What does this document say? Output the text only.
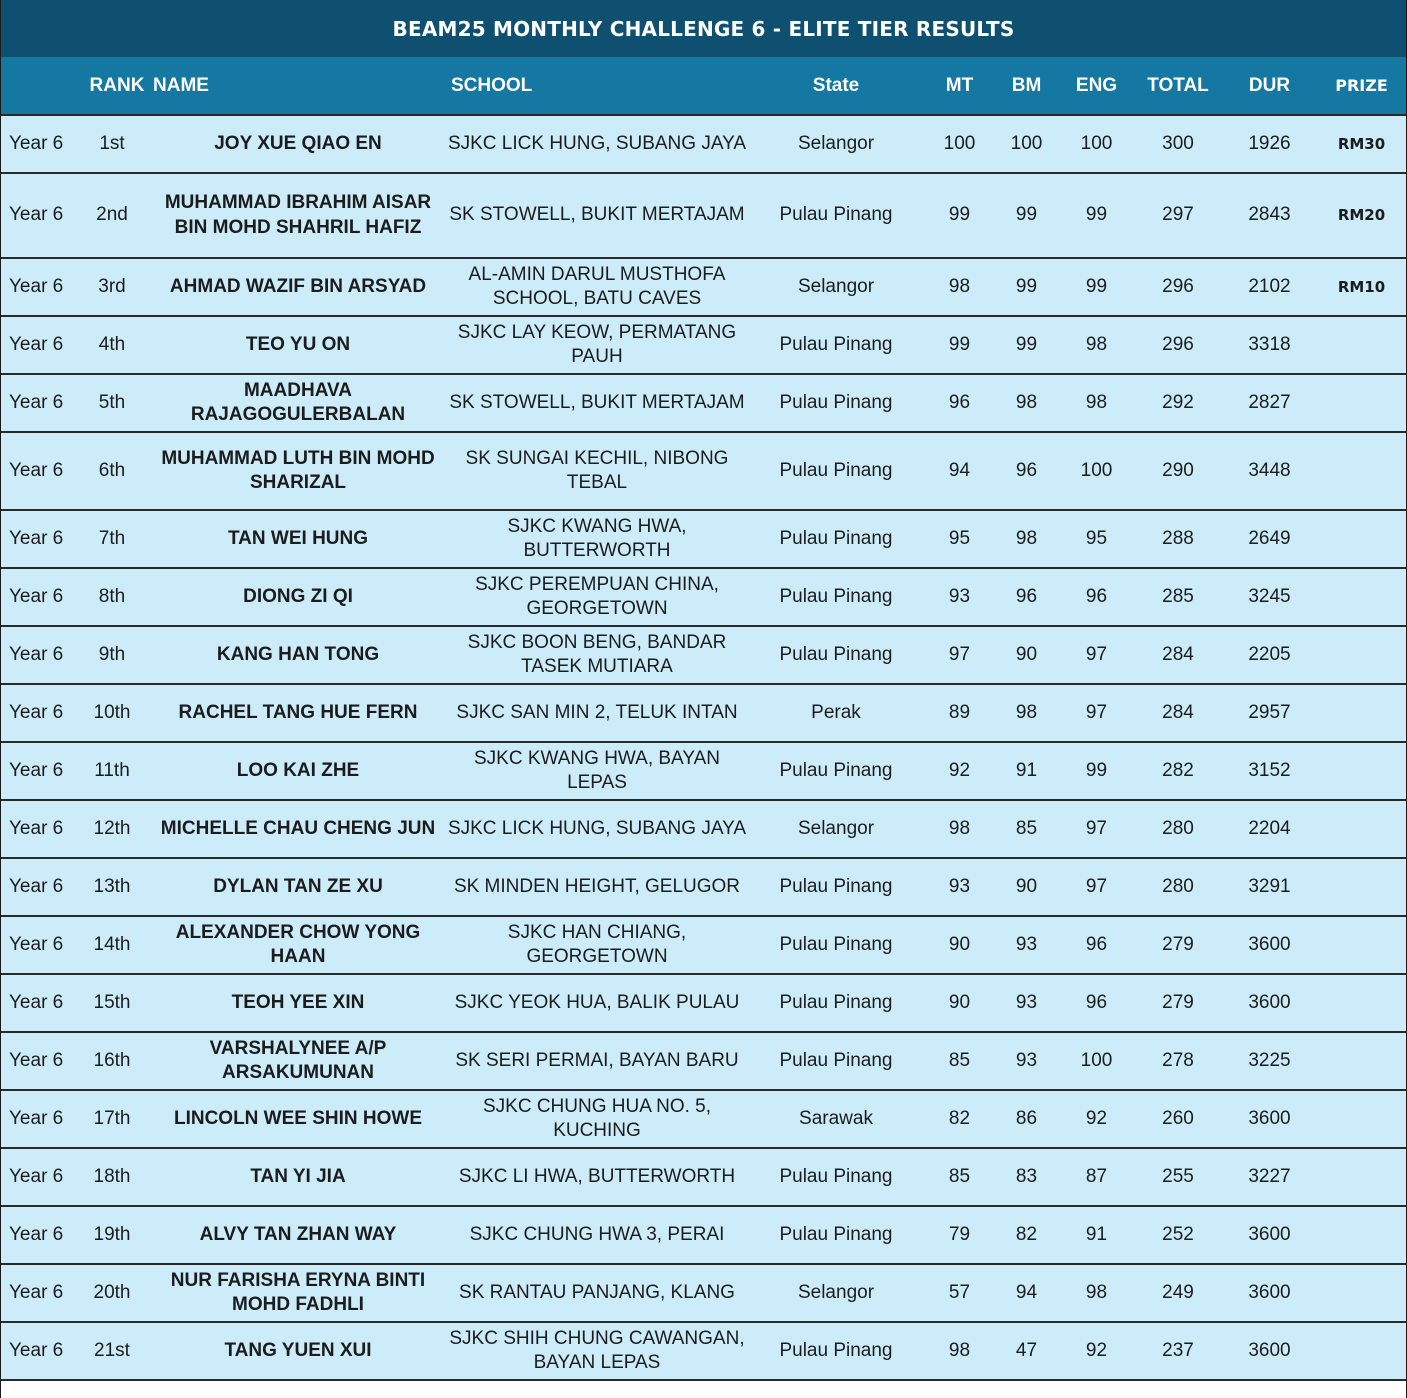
BEAM25 MONTHLY CHALLENGE 6 - ELITE TIER RESULTS
	RANK	NAME	SCHOOL	State	MT	BM	ENG	TOTAL	DUR	PRIZE
Year 6	1st	JOY XUE QIAO EN	SJKC LICK HUNG, SUBANG JAYA	Selangor	100	100	100	300	1926	RM30
Year 6	2nd	MUHAMMAD IBRAHIM AISAR BIN MOHD SHAHRIL HAFIZ	SK STOWELL, BUKIT MERTAJAM	Pulau Pinang	99	99	99	297	2843	RM20
Year 6	3rd	AHMAD WAZIF BIN ARSYAD	AL-AMIN DARUL MUSTHOFA SCHOOL, BATU CAVES	Selangor	98	99	99	296	2102	RM10
Year 6	4th	TEO YU ON	SJKC LAY KEOW, PERMATANG PAUH	Pulau Pinang	99	99	98	296	3318	
Year 6	5th	MAADHAVA RAJAGOGULERBALAN	SK STOWELL, BUKIT MERTAJAM	Pulau Pinang	96	98	98	292	2827	
Year 6	6th	MUHAMMAD LUTH BIN MOHD SHARIZAL	SK SUNGAI KECHIL, NIBONG TEBAL	Pulau Pinang	94	96	100	290	3448	
Year 6	7th	TAN WEI HUNG	SJKC KWANG HWA, BUTTERWORTH	Pulau Pinang	95	98	95	288	2649	
Year 6	8th	DIONG ZI QI	SJKC PEREMPUAN CHINA, GEORGETOWN	Pulau Pinang	93	96	96	285	3245	
Year 6	9th	KANG HAN TONG	SJKC BOON BENG, BANDAR TASEK MUTIARA	Pulau Pinang	97	90	97	284	2205	
Year 6	10th	RACHEL TANG HUE FERN	SJKC SAN MIN 2, TELUK INTAN	Perak	89	98	97	284	2957	
Year 6	11th	LOO KAI ZHE	SJKC KWANG HWA, BAYAN LEPAS	Pulau Pinang	92	91	99	282	3152	
Year 6	12th	MICHELLE CHAU CHENG JUN	SJKC LICK HUNG, SUBANG JAYA	Selangor	98	85	97	280	2204	
Year 6	13th	DYLAN TAN ZE XU	SK MINDEN HEIGHT, GELUGOR	Pulau Pinang	93	90	97	280	3291	
Year 6	14th	ALEXANDER CHOW YONG HAAN	SJKC HAN CHIANG, GEORGETOWN	Pulau Pinang	90	93	96	279	3600	
Year 6	15th	TEOH YEE XIN	SJKC YEOK HUA, BALIK PULAU	Pulau Pinang	90	93	96	279	3600	
Year 6	16th	VARSHALYNEE A/P ARSAKUMUNAN	SK SERI PERMAI, BAYAN BARU	Pulau Pinang	85	93	100	278	3225	
Year 6	17th	LINCOLN WEE SHIN HOWE	SJKC CHUNG HUA NO. 5, KUCHING	Sarawak	82	86	92	260	3600	
Year 6	18th	TAN YI JIA	SJKC LI HWA, BUTTERWORTH	Pulau Pinang	85	83	87	255	3227	
Year 6	19th	ALVY TAN ZHAN WAY	SJKC CHUNG HWA 3, PERAI	Pulau Pinang	79	82	91	252	3600	
Year 6	20th	NUR FARISHA ERYNA BINTI MOHD FADHLI	SK RANTAU PANJANG, KLANG	Selangor	57	94	98	249	3600	
Year 6	21st	TANG YUEN XUI	SJKC SHIH CHUNG CAWANGAN, BAYAN LEPAS	Pulau Pinang	98	47	92	237	3600	
